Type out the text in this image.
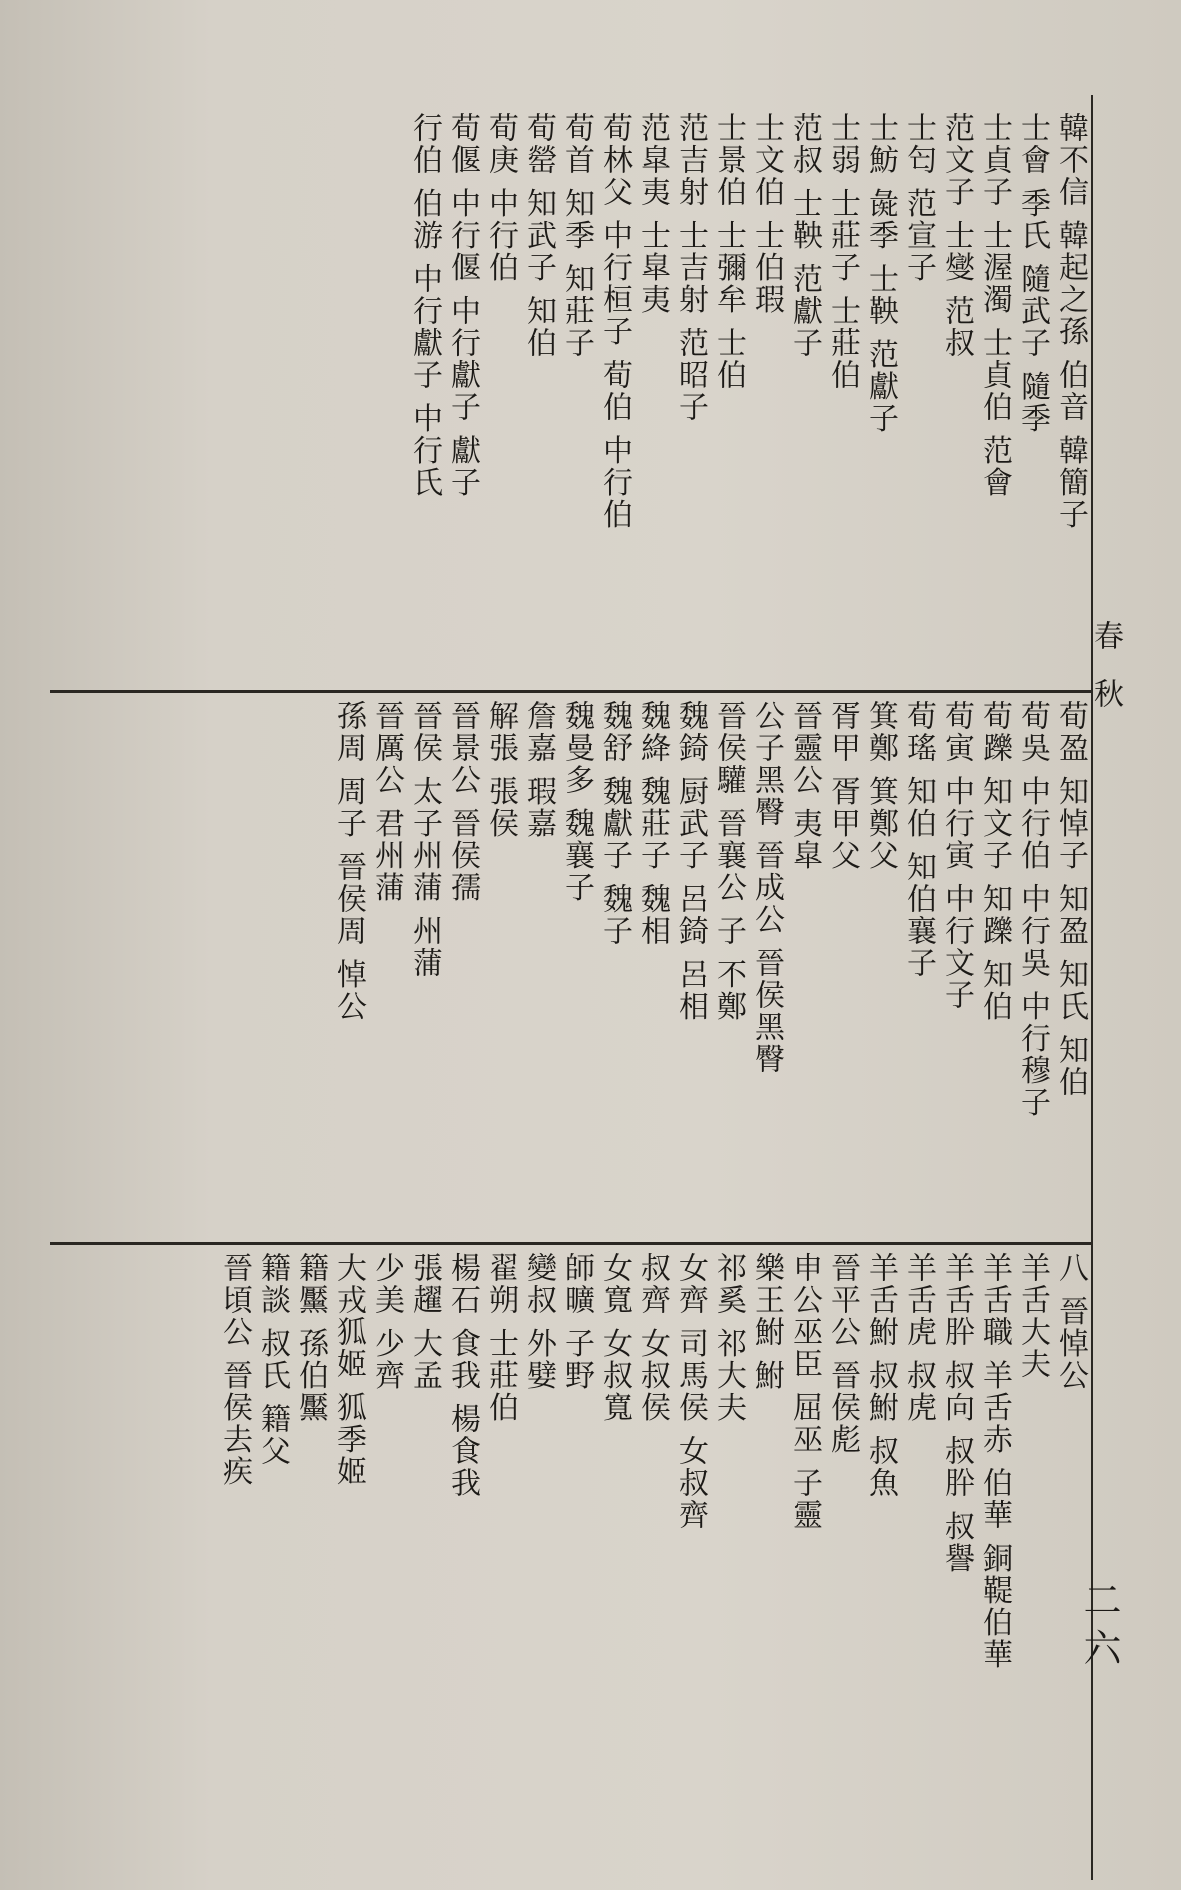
春秋
二六
韓不信 韓起之孫 伯音 韓簡子
士會 季氏 隨武子 隨季
士貞子 士渥濁 士貞伯 范會
范文子 士燮 范叔
士匄 范宣子
士魴 彘季 士鞅 范獻子
士弱 士莊子 士莊伯
范叔 士鞅 范獻子
士文伯 士伯瑕
士景伯 士彌牟 士伯
范吉射 士吉射 范昭子
范皐夷 士皐夷
荀林父 中行桓子 荀伯 中行伯
荀首 知季 知莊子
荀罃 知武子 知伯
荀庚 中行伯
荀偃 中行偃 中行獻子 獻子
行伯 伯游 中行獻子 中行氏
荀盈 知悼子 知盈 知氏 知伯
荀吳 中行伯 中行吳 中行穆子
荀躒 知文子 知躒 知伯
荀寅 中行寅 中行文子
荀瑤 知伯 知伯襄子
箕鄭 箕鄭父
胥甲 胥甲父
晉靈公 夷皐
公子黑臀 晉成公 晉侯黑臀
晉侯驩 晉襄公 子 不鄭
魏錡 厨武子 呂錡 呂相
魏絳 魏莊子 魏相
魏舒 魏獻子 魏子
魏曼多 魏襄子
詹嘉 瑕嘉
解張 張侯
晉景公 晉侯孺
晉侯 太子州蒲 州蒲
晉厲公 君州蒲
孫周 周子 晉侯周 悼公
八 晉悼公
羊舌大夫
羊舌職 羊舌赤 伯華 銅鞮伯華
羊舌肸 叔向 叔肸 叔譽
羊舌虎 叔虎
羊舌鮒 叔鮒 叔魚
晉平公 晉侯彪
申公巫臣 屈巫 子靈
樂王鮒 鮒
祁奚 祁大夫
女齊 司馬侯 女叔齊
叔齊 女叔侯
女寬 女叔寬
師曠 子野
變叔 外嬖
翟朔 士莊伯
楊石 食我 楊食我
張趯 大孟
少美 少齊
大戎狐姬 狐季姬
籍黶 孫伯黶
籍談 叔氏 籍父
晉頃公 晉侯去疾
